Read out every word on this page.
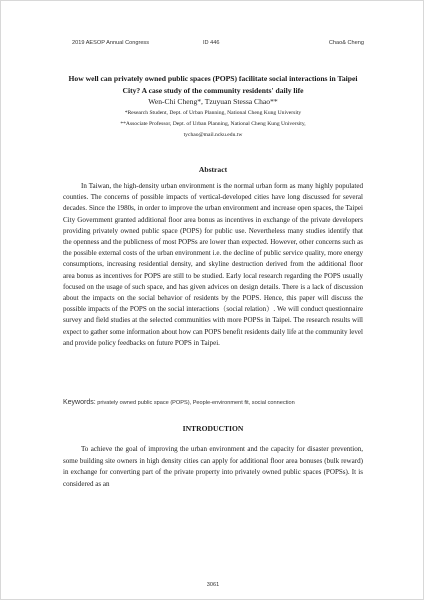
2019 AESOP Annual Congress	ID 446	Chao& Cheng
How well can privately owned public spaces (POPS) facilitate social interactions in Taipei City? A case study of the community residents' daily life
Wen-Chi Cheng*, Tzuyuan Stessa Chao**
*Research Student, Dept. of Urban Planning, National Cheng Kung University
**Associate Professor, Dept. of Urban Planning, National Cheng Kung University,
tychao@mail.ncku.edu.tw
Abstract

In Taiwan, the high-density urban environment is the normal urban form as many highly populated counties. The concerns of possible impacts of vertical-developed cities have long discussed for several decades. Since the 1980s, in order to improve the urban environment and increase open spaces, the Taipei City Government granted additional floor area bonus as incentives in exchange of the private developers providing privately owned public space (POPS) for public use. Nevertheless many studies identify that the openness and the publicness of most POPSs are lower than expected. However, other concerns such as the possible external costs of the urban environment i.e. the decline of public service quality, more energy consumptions, increasing residential density, and skyline destruction derived from the additional floor area bonus as incentives for POPS are still to be studied. Early local research regarding the POPS usually focused on the usage of such space, and has given advices on design details. There is a lack of discussion about the impacts on the social behavior of residents by the POPS. Hence, this paper will discuss the possible impacts of the POPS on the social interactions（social relation）. We will conduct questionnaire survey and field studies at the selected communities with more POPSs in Taipei. The research results will expect to gather some information about how can POPS benefit residents daily life at the community level and provide policy feedbacks on future POPS in Taipei.

Keywords: privately owned public space (POPS), People-environment fit, social connection
INTRODUCTION

To achieve the goal of improving the urban environment and the capacity for disaster prevention, some building site owners in high density cities can apply for additional floor area bonuses (bulk reward) in exchange for converting part of the private property into privately owned public spaces (POPSs). It is considered as an

3061
